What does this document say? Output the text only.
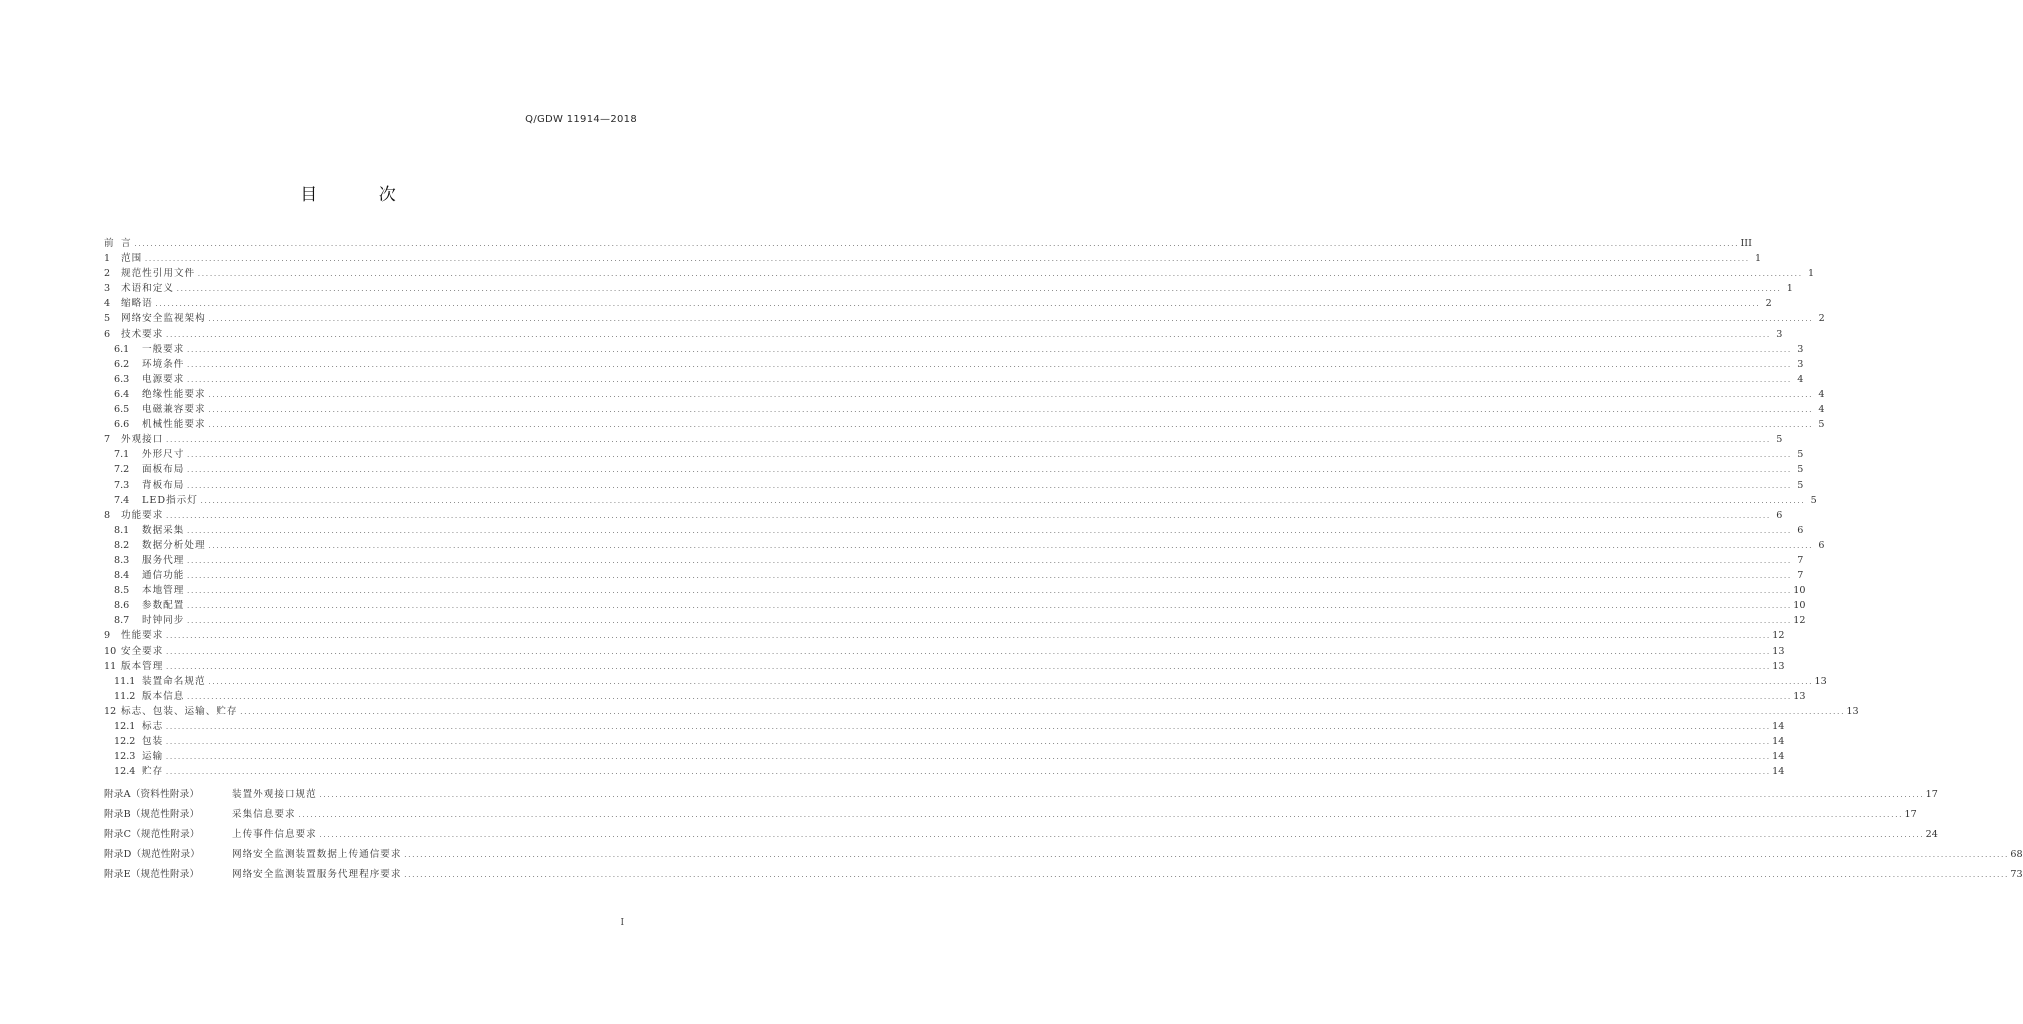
Q/GDW 11914—2018
目 次
前 言 ................................................................................................................................................................................................................................................................................................................................................................................................................ III
1	范围 ................................................................................................................................................................................................................................................................................................................................................................................................................ 1
2	规范性引用文件 ................................................................................................................................................................................................................................................................................................................................................................................................................ 1
3	术语和定义 ................................................................................................................................................................................................................................................................................................................................................................................................................ 1
4	缩略语 ................................................................................................................................................................................................................................................................................................................................................................................................................ 2
5	网络安全监视架构 ................................................................................................................................................................................................................................................................................................................................................................................................................ 2
6	技术要求 ................................................................................................................................................................................................................................................................................................................................................................................................................ 3
6.1	一般要求 ................................................................................................................................................................................................................................................................................................................................................................................................................ 3
6.2	环境条件 ................................................................................................................................................................................................................................................................................................................................................................................................................ 3
6.3	电源要求 ................................................................................................................................................................................................................................................................................................................................................................................................................ 4
6.4	绝缘性能要求 ................................................................................................................................................................................................................................................................................................................................................................................................................ 4
6.5	电磁兼容要求 ................................................................................................................................................................................................................................................................................................................................................................................................................ 4
6.6	机械性能要求 ................................................................................................................................................................................................................................................................................................................................................................................................................ 5
7	外观接口 ................................................................................................................................................................................................................................................................................................................................................................................................................ 5
7.1	外形尺寸 ................................................................................................................................................................................................................................................................................................................................................................................................................ 5
7.2	面板布局 ................................................................................................................................................................................................................................................................................................................................................................................................................ 5
7.3	背板布局 ................................................................................................................................................................................................................................................................................................................................................................................................................ 5
7.4	LED指示灯 ................................................................................................................................................................................................................................................................................................................................................................................................................ 5
8	功能要求 ................................................................................................................................................................................................................................................................................................................................................................................................................ 6
8.1	数据采集 ................................................................................................................................................................................................................................................................................................................................................................................................................ 6
8.2	数据分析处理 ................................................................................................................................................................................................................................................................................................................................................................................................................ 6
8.3	服务代理 ................................................................................................................................................................................................................................................................................................................................................................................................................ 7
8.4	通信功能 ................................................................................................................................................................................................................................................................................................................................................................................................................ 7
8.5	本地管理 ................................................................................................................................................................................................................................................................................................................................................................................................................ 10
8.6	参数配置 ................................................................................................................................................................................................................................................................................................................................................................................................................ 10
8.7	时钟同步 ................................................................................................................................................................................................................................................................................................................................................................................................................ 12
9	性能要求 ................................................................................................................................................................................................................................................................................................................................................................................................................ 12
10 安全要求 ................................................................................................................................................................................................................................................................................................................................................................................................................ 13
11 版本管理 ................................................................................................................................................................................................................................................................................................................................................................................................................ 13
11.1 装置命名规范 ................................................................................................................................................................................................................................................................................................................................................................................................................ 13
11.2 版本信息 ................................................................................................................................................................................................................................................................................................................................................................................................................ 13
12 标志、包装、运输、贮存 ................................................................................................................................................................................................................................................................................................................................................................................................................ 13
12.1 标志 ................................................................................................................................................................................................................................................................................................................................................................................................................ 14
12.2 包装 ................................................................................................................................................................................................................................................................................................................................................................................................................ 14
12.3 运输 ................................................................................................................................................................................................................................................................................................................................................................................................................ 14
12.4 贮存 ................................................................................................................................................................................................................................................................................................................................................................................................................ 14
附录A（资料性附录）	装置外观接口规范 ................................................................................................................................................................................................................................................................................................................................................................................................................ 17
附录B（规范性附录）	采集信息要求 ................................................................................................................................................................................................................................................................................................................................................................................................................ 17
附录C（规范性附录）	上传事件信息要求 ................................................................................................................................................................................................................................................................................................................................................................................................................ 24
附录D（规范性附录）	网络安全监测装置数据上传通信要求 ................................................................................................................................................................................................................................................................................................................................................................................................................ 68
附录E（规范性附录）	网络安全监测装置服务代理程序要求 ................................................................................................................................................................................................................................................................................................................................................................................................................ 73
I
